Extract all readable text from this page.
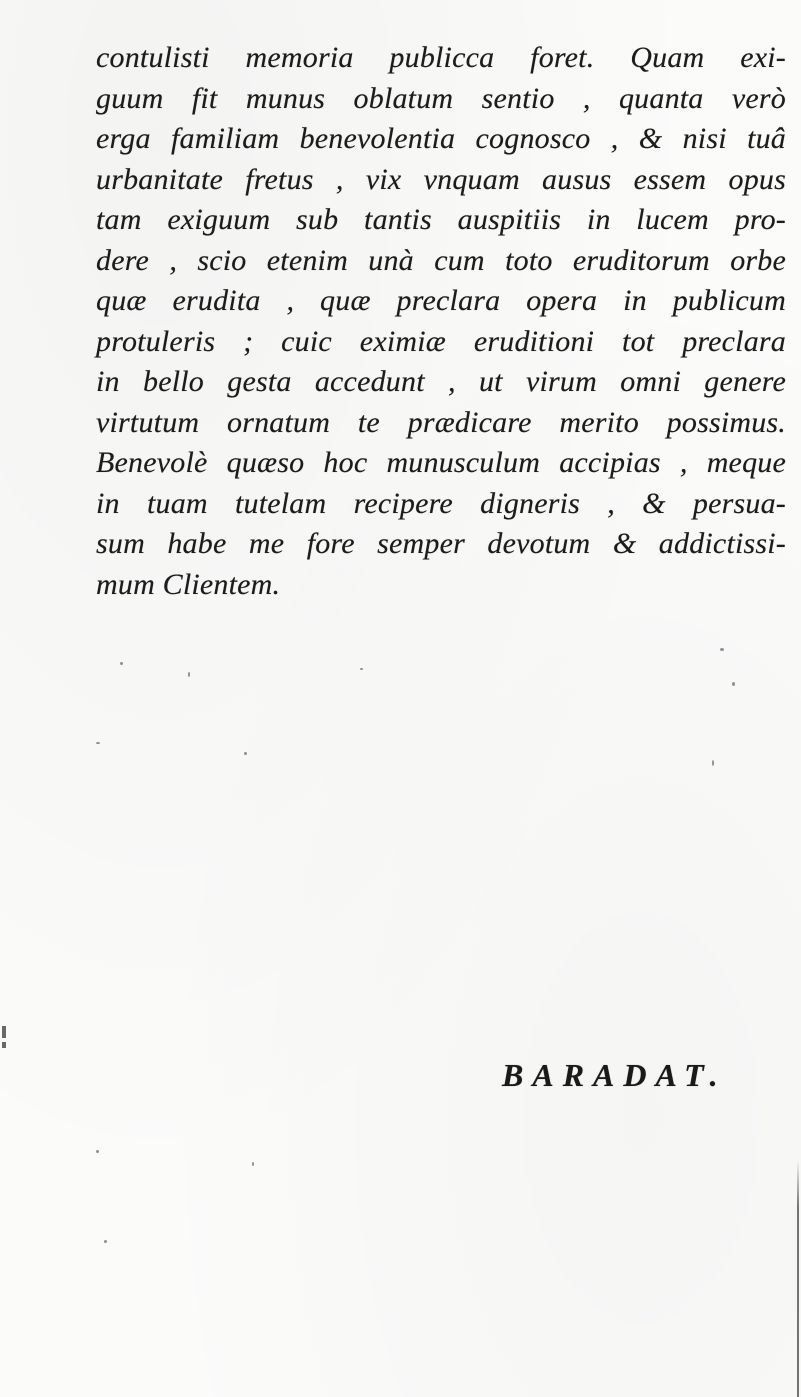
contulisti memoria publicca foret. Quam exi-
guum fit munus oblatum sentio , quanta verò
erga familiam benevolentia cognosco , & nisi tuâ
urbanitate fretus , vix vnquam ausus essem opus
tam exiguum sub tantis auspitiis in lucem pro-
dere , scio etenim unà cum toto eruditorum orbe
quæ erudita , quæ preclara opera in publicum
protuleris ; cuic eximiæ eruditioni tot preclara
in bello gesta accedunt , ut virum omni genere
virtutum ornatum te prædicare merito possimus.
Benevolè quæso hoc munusculum accipias , meque
in tuam tutelam recipere digneris , & persua-
sum habe me fore semper devotum & addictissi-
mum Clientem.
BARADAT.
